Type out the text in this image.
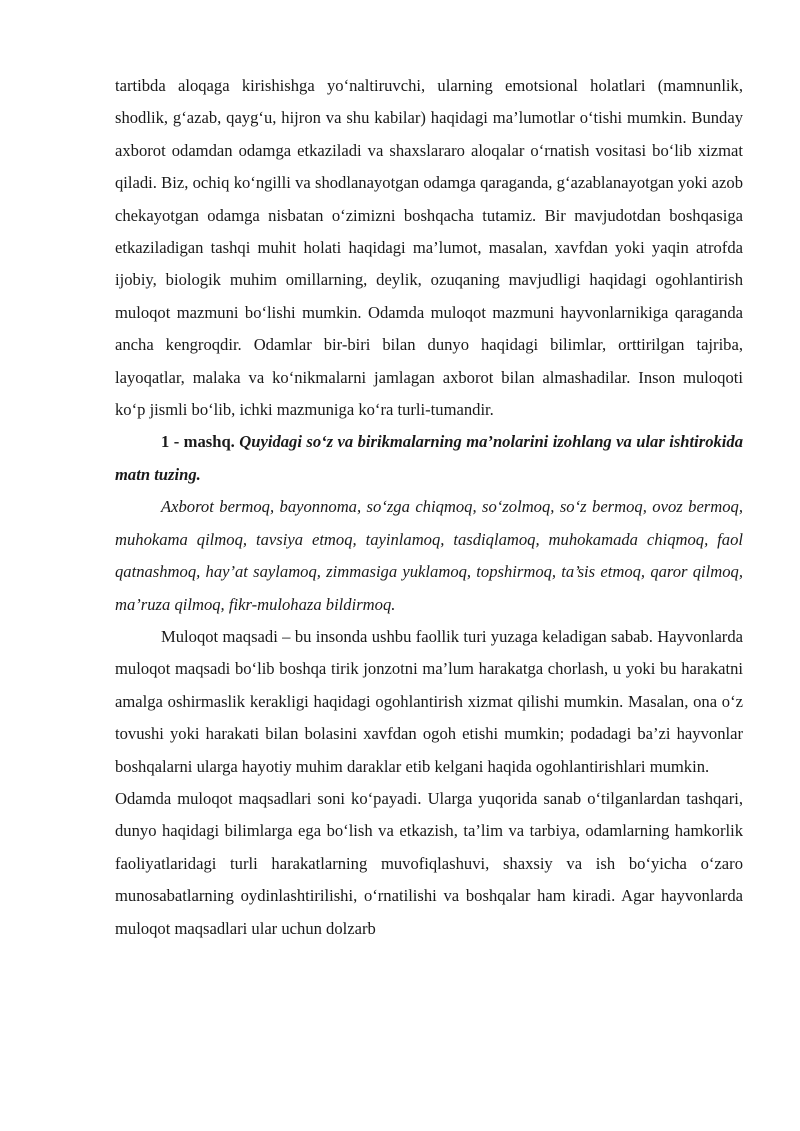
tartibda aloqaga kirishishga yo‘naltiruvchi, ularning emotsional holatlari (mamnunlik, shodlik, g‘azab, qayg‘u, hijron va shu kabilar) haqidagi ma’lumotlar o‘tishi mumkin. Bunday axborot odamdan odamga etkaziladi va shaxslararo aloqalar o‘rnatish vositasi bo‘lib xizmat qiladi. Biz, ochiq ko‘ngilli va shodlanayotgan odamga qaraganda, g‘azablanayotgan yoki azob chekayotgan odamga nisbatan o‘zimizni boshqacha tutamiz. Bir mavjudotdan boshqasiga etkaziladigan tashqi muhit holati haqidagi ma’lumot, masalan, xavfdan yoki yaqin atrofda ijobiy, biologik muhim omillarning, deylik, ozuqaning mavjudligi haqidagi ogohlantirish muloqot mazmuni bo‘lishi mumkin. Odamda muloqot mazmuni hayvonlarnikiga qaraganda ancha kengroqdir. Odamlar bir-biri bilan dunyo haqidagi bilimlar, orttirilgan tajriba, layoqatlar, malaka va ko‘nikmalarni jamlagan axborot bilan almashadilar. Inson muloqoti ko‘p jismli bo‘lib, ichki mazmuniga ko‘ra turli-tumandir.

1 - mashq. Quyidagi so‘z va birikmalarning ma’nolarini izohlang va ular ishtirokida matn tuzing.

Axborot bermoq, bayonnoma, so‘zga chiqmoq, so‘zolmoq, so‘z bermoq, ovoz bermoq, muhokama qilmoq, tavsiya etmoq, tayinlamoq, tasdiqlamoq, muhokamada chiqmoq, faol qatnashmoq, hay’at saylamoq, zimmasiga yuklamoq, topshirmoq, ta’sis etmoq, qaror qilmoq, ma’ruza qilmoq, fikr-mulohaza bildirmoq.

Muloqot maqsadi – bu insonda ushbu faollik turi yuzaga keladigan sabab. Hayvonlarda muloqot maqsadi bo‘lib boshqa tirik jonzotni ma’lum harakatga chorlash, u yoki bu harakatni amalga oshirmaslik kerakligi haqidagi ogohlantirish xizmat qilishi mumkin. Masalan, ona o‘z tovushi yoki harakati bilan bolasini xavfdan ogoh etishi mumkin; podadagi ba’zi hayvonlar boshqalarni ularga hayotiy muhim daraklar etib kelgani haqida ogohlantirishlari mumkin.

Odamda muloqot maqsadlari soni ko‘payadi. Ularga yuqorida sanab o‘tilganlardan tashqari, dunyo haqidagi bilimlarga ega bo‘lish va etkazish, ta’lim va tarbiya, odamlarning hamkorlik faoliyatlaridagi turli harakatlarning muvofiqlashuvi, shaxsiy va ish bo‘yicha o‘zaro munosabatlarning oydinlashtirilishi, o‘rnatilishi va boshqalar ham kiradi. Agar hayvonlarda muloqot maqsadlari ular uchun dolzarb
